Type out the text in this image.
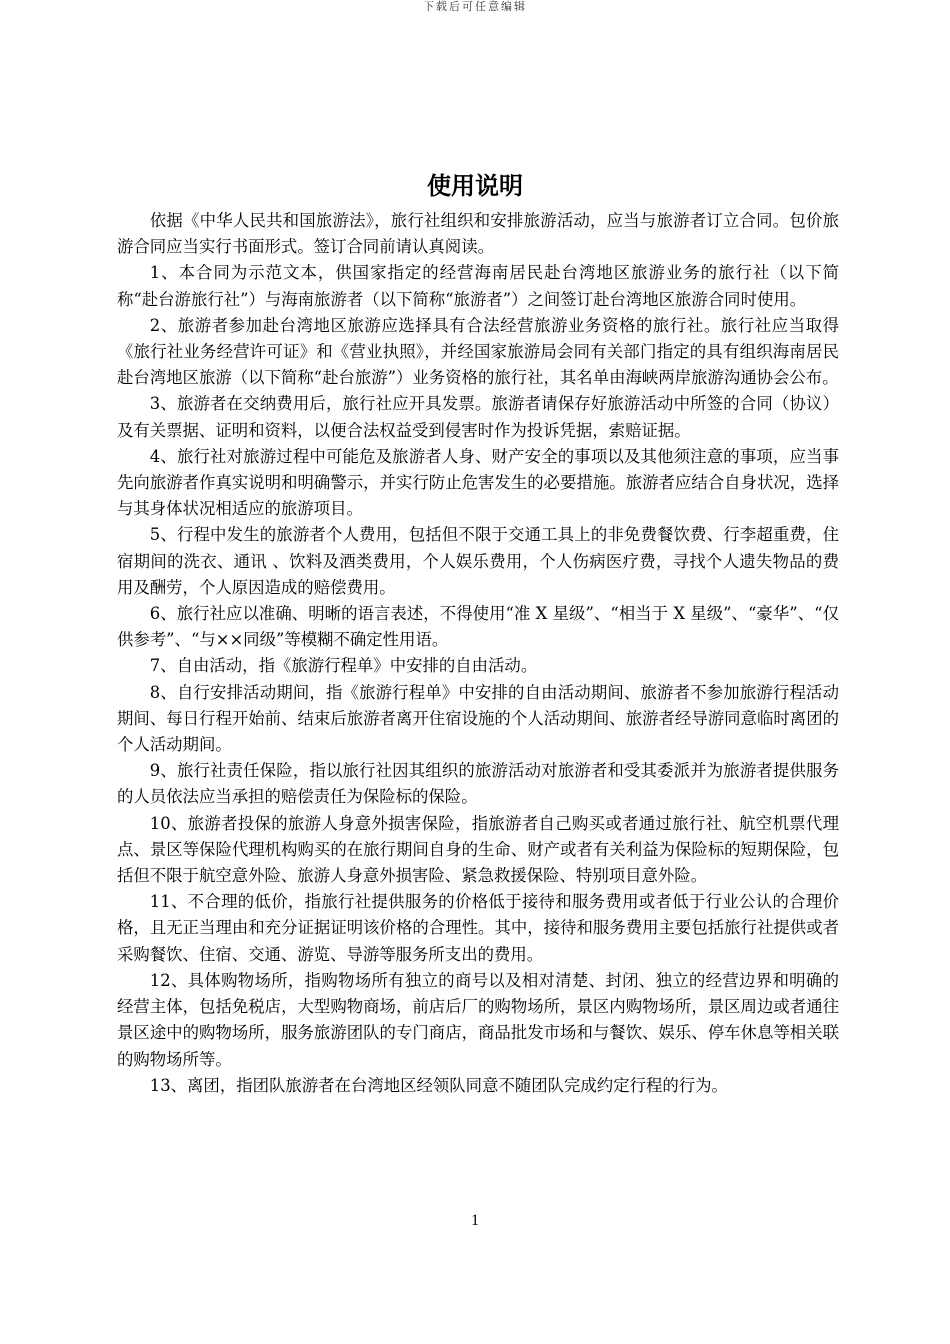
下载后可任意编辑
使用说明

依据《中华人民共和国旅游法》，旅行社组织和安排旅游活动，应当与旅游者订立合同。包价旅游合同应当实行书面形式。签订合同前请认真阅读。

1、本合同为示范文本，供国家指定的经营海南居民赴台湾地区旅游业务的旅行社（以下简称“赴台游旅行社”）与海南旅游者（以下简称“旅游者”）之间签订赴台湾地区旅游合同时使用。

2、旅游者参加赴台湾地区旅游应选择具有合法经营旅游业务资格的旅行社。旅行社应当取得《旅行社业务经营许可证》和《营业执照》，并经国家旅游局会同有关部门指定的具有组织海南居民赴台湾地区旅游（以下简称“赴台旅游”）业务资格的旅行社，其名单由海峡两岸旅游沟通协会公布。

3、旅游者在交纳费用后，旅行社应开具发票。旅游者请保存好旅游活动中所签的合同（协议）及有关票据、证明和资料，以便合法权益受到侵害时作为投诉凭据，索赔证据。

4、旅行社对旅游过程中可能危及旅游者人身、财产安全的事项以及其他须注意的事项，应当事先向旅游者作真实说明和明确警示，并实行防止危害发生的必要措施。旅游者应结合自身状况，选择与其身体状况相适应的旅游项目。

5、行程中发生的旅游者个人费用，包括但不限于交通工具上的非免费餐饮费、行李超重费，住宿期间的洗衣、通讯 、饮料及酒类费用，个人娱乐费用，个人伤病医疗费，寻找个人遗失物品的费用及酬劳，个人原因造成的赔偿费用。

6、旅行社应以准确、明晰的语言表述，不得使用“准 X 星级”、“相当于 X 星级”、“豪华”、“仅供参考”、“与××同级”等模糊不确定性用语。

7、自由活动，指《旅游行程单》中安排的自由活动。

8、自行安排活动期间，指《旅游行程单》中安排的自由活动期间、旅游者不参加旅游行程活动期间、每日行程开始前、结束后旅游者离开住宿设施的个人活动期间、旅游者经导游同意临时离团的个人活动期间。

9、旅行社责任保险，指以旅行社因其组织的旅游活动对旅游者和受其委派并为旅游者提供服务的人员依法应当承担的赔偿责任为保险标的保险。

10、旅游者投保的旅游人身意外损害保险，指旅游者自己购买或者通过旅行社、航空机票代理点、景区等保险代理机构购买的在旅行期间自身的生命、财产或者有关利益为保险标的短期保险，包括但不限于航空意外险、旅游人身意外损害险、紧急救援保险、特别项目意外险。

11、不合理的低价，指旅行社提供服务的价格低于接待和服务费用或者低于行业公认的合理价格，且无正当理由和充分证据证明该价格的合理性。其中，接待和服务费用主要包括旅行社提供或者采购餐饮、住宿、交通、游览、导游等服务所支出的费用。

12、具体购物场所，指购物场所有独立的商号以及相对清楚、封闭、独立的经营边界和明确的经营主体，包括免税店，大型购物商场，前店后厂的购物场所，景区内购物场所，景区周边或者通往景区途中的购物场所，服务旅游团队的专门商店，商品批发市场和与餐饮、娱乐、停车休息等相关联的购物场所等。

13、离团，指团队旅游者在台湾地区经领队同意不随团队完成约定行程的行为。

1
